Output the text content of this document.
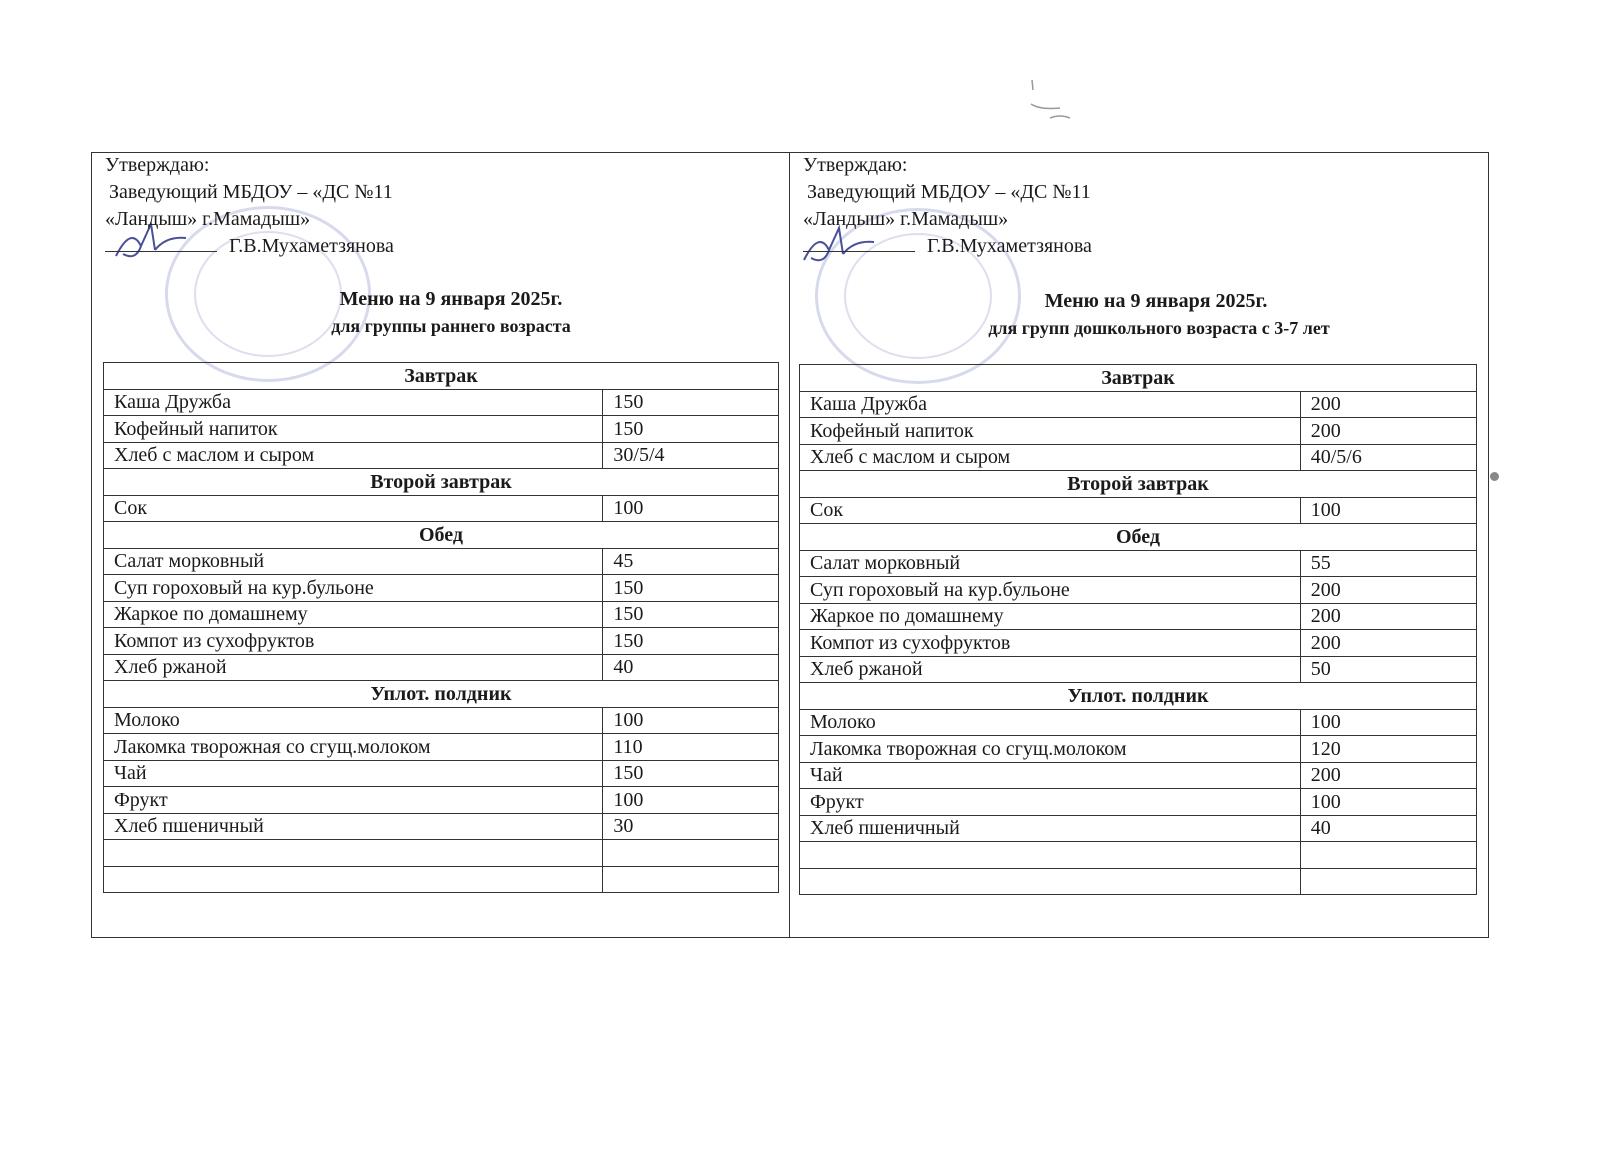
Утверждаю:
Заведующий МБДОУ – «ДС №11
«Ландыш» г.Мамадыш»
Г.В.Мухаметзянова
Меню на 9 января 2025г.
для группы раннего возраста
Завтрак	
Каша Дружба	150
Кофейный напиток	150
Хлеб с маслом и сыром	30/5/4
Второй завтрак	
Сок	100
Обед	
Салат морковный	45
Суп гороховый на кур.бульоне	150
Жаркое по домашнему	150
Компот из сухофруктов	150
Хлеб ржаной	40
Уплот. полдник	
Молоко	100
Лакомка творожная со сгущ.молоком	110
Чай	150
Фрукт	100
Хлеб пшеничный	30

Утверждаю:
Заведующий МБДОУ – «ДС №11
«Ландыш» г.Мамадыш»
Г.В.Мухаметзянова
Меню на 9 января 2025г.
для групп дошкольного возраста с 3-7 лет
Завтрак	
Каша Дружба	200
Кофейный напиток	200
Хлеб с маслом и сыром	40/5/6
Второй завтрак	
Сок	100
Обед	
Салат морковный	55
Суп гороховый на кур.бульоне	200
Жаркое по домашнему	200
Компот из сухофруктов	200
Хлеб ржаной	50
Уплот. полдник	
Молоко	100
Лакомка творожная со сгущ.молоком	120
Чай	200
Фрукт	100
Хлеб пшеничный	40
